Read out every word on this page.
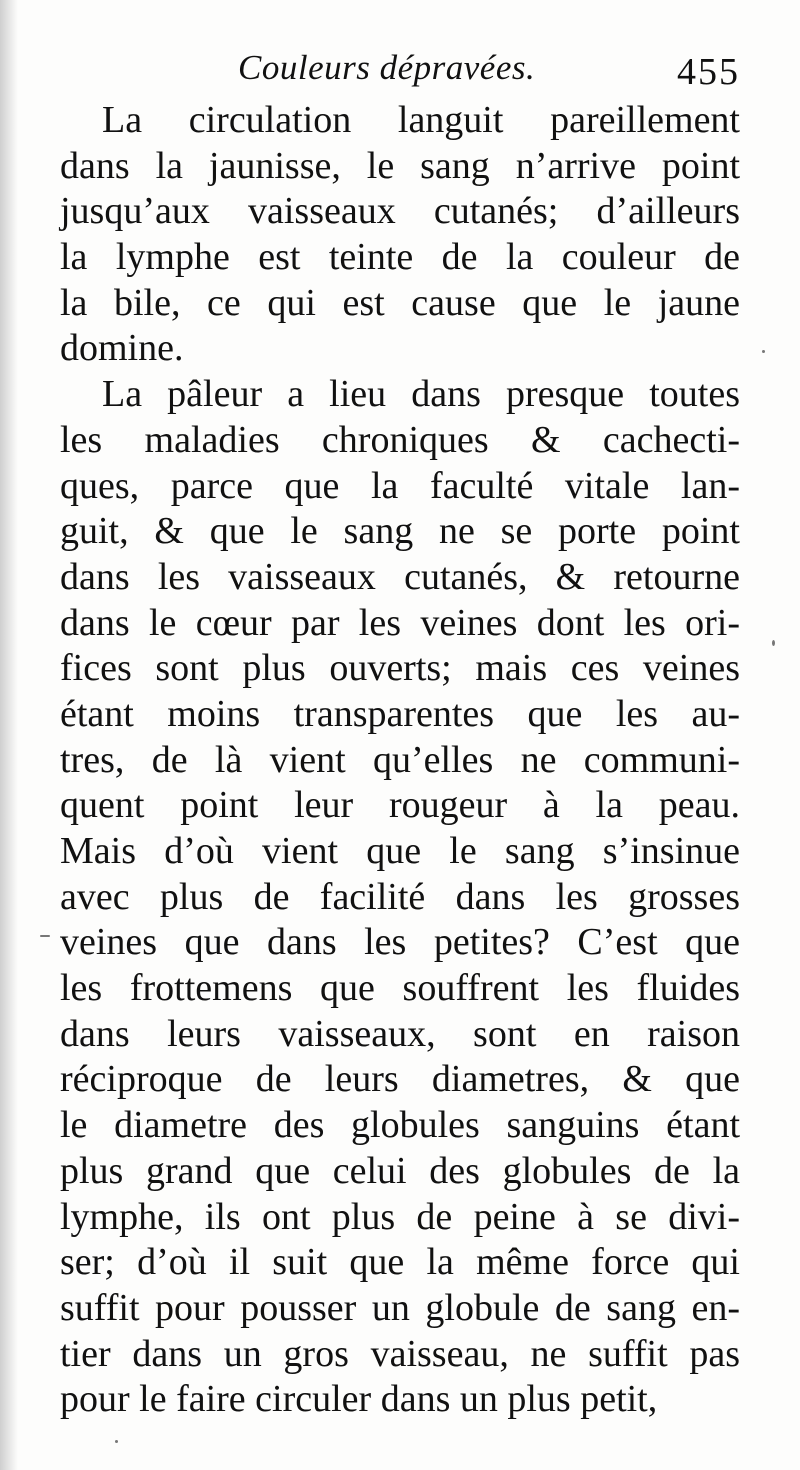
Couleurs dépravées.	455
La circulation languit pareillement
dans la jaunisse, le sang n’arrive point
jusqu’aux vaisseaux cutanés; d’ailleurs
la lymphe est teinte de la couleur de
la bile, ce qui est cause que le jaune
domine.
La pâleur a lieu dans presque toutes
les maladies chroniques & cachecti-
ques, parce que la faculté vitale lan-
guit, & que le sang ne se porte point
dans les vaisseaux cutanés, & retourne
dans le cœur par les veines dont les ori-
fices sont plus ouverts; mais ces veines
étant moins transparentes que les au-
tres, de là vient qu’elles ne communi-
quent point leur rougeur à la peau.
Mais d’où vient que le sang s’insinue
avec plus de facilité dans les grosses
veines que dans les petites? C’est que
les frottemens que souffrent les fluides
dans leurs vaisseaux, sont en raison
réciproque de leurs diametres, & que
le diametre des globules sanguins étant
plus grand que celui des globules de la
lymphe, ils ont plus de peine à se divi-
ser; d’où il suit que la même force qui
suffit pour pousser un globule de sang en-
tier dans un gros vaisseau, ne suffit pas
pour le faire circuler dans un plus petit,
